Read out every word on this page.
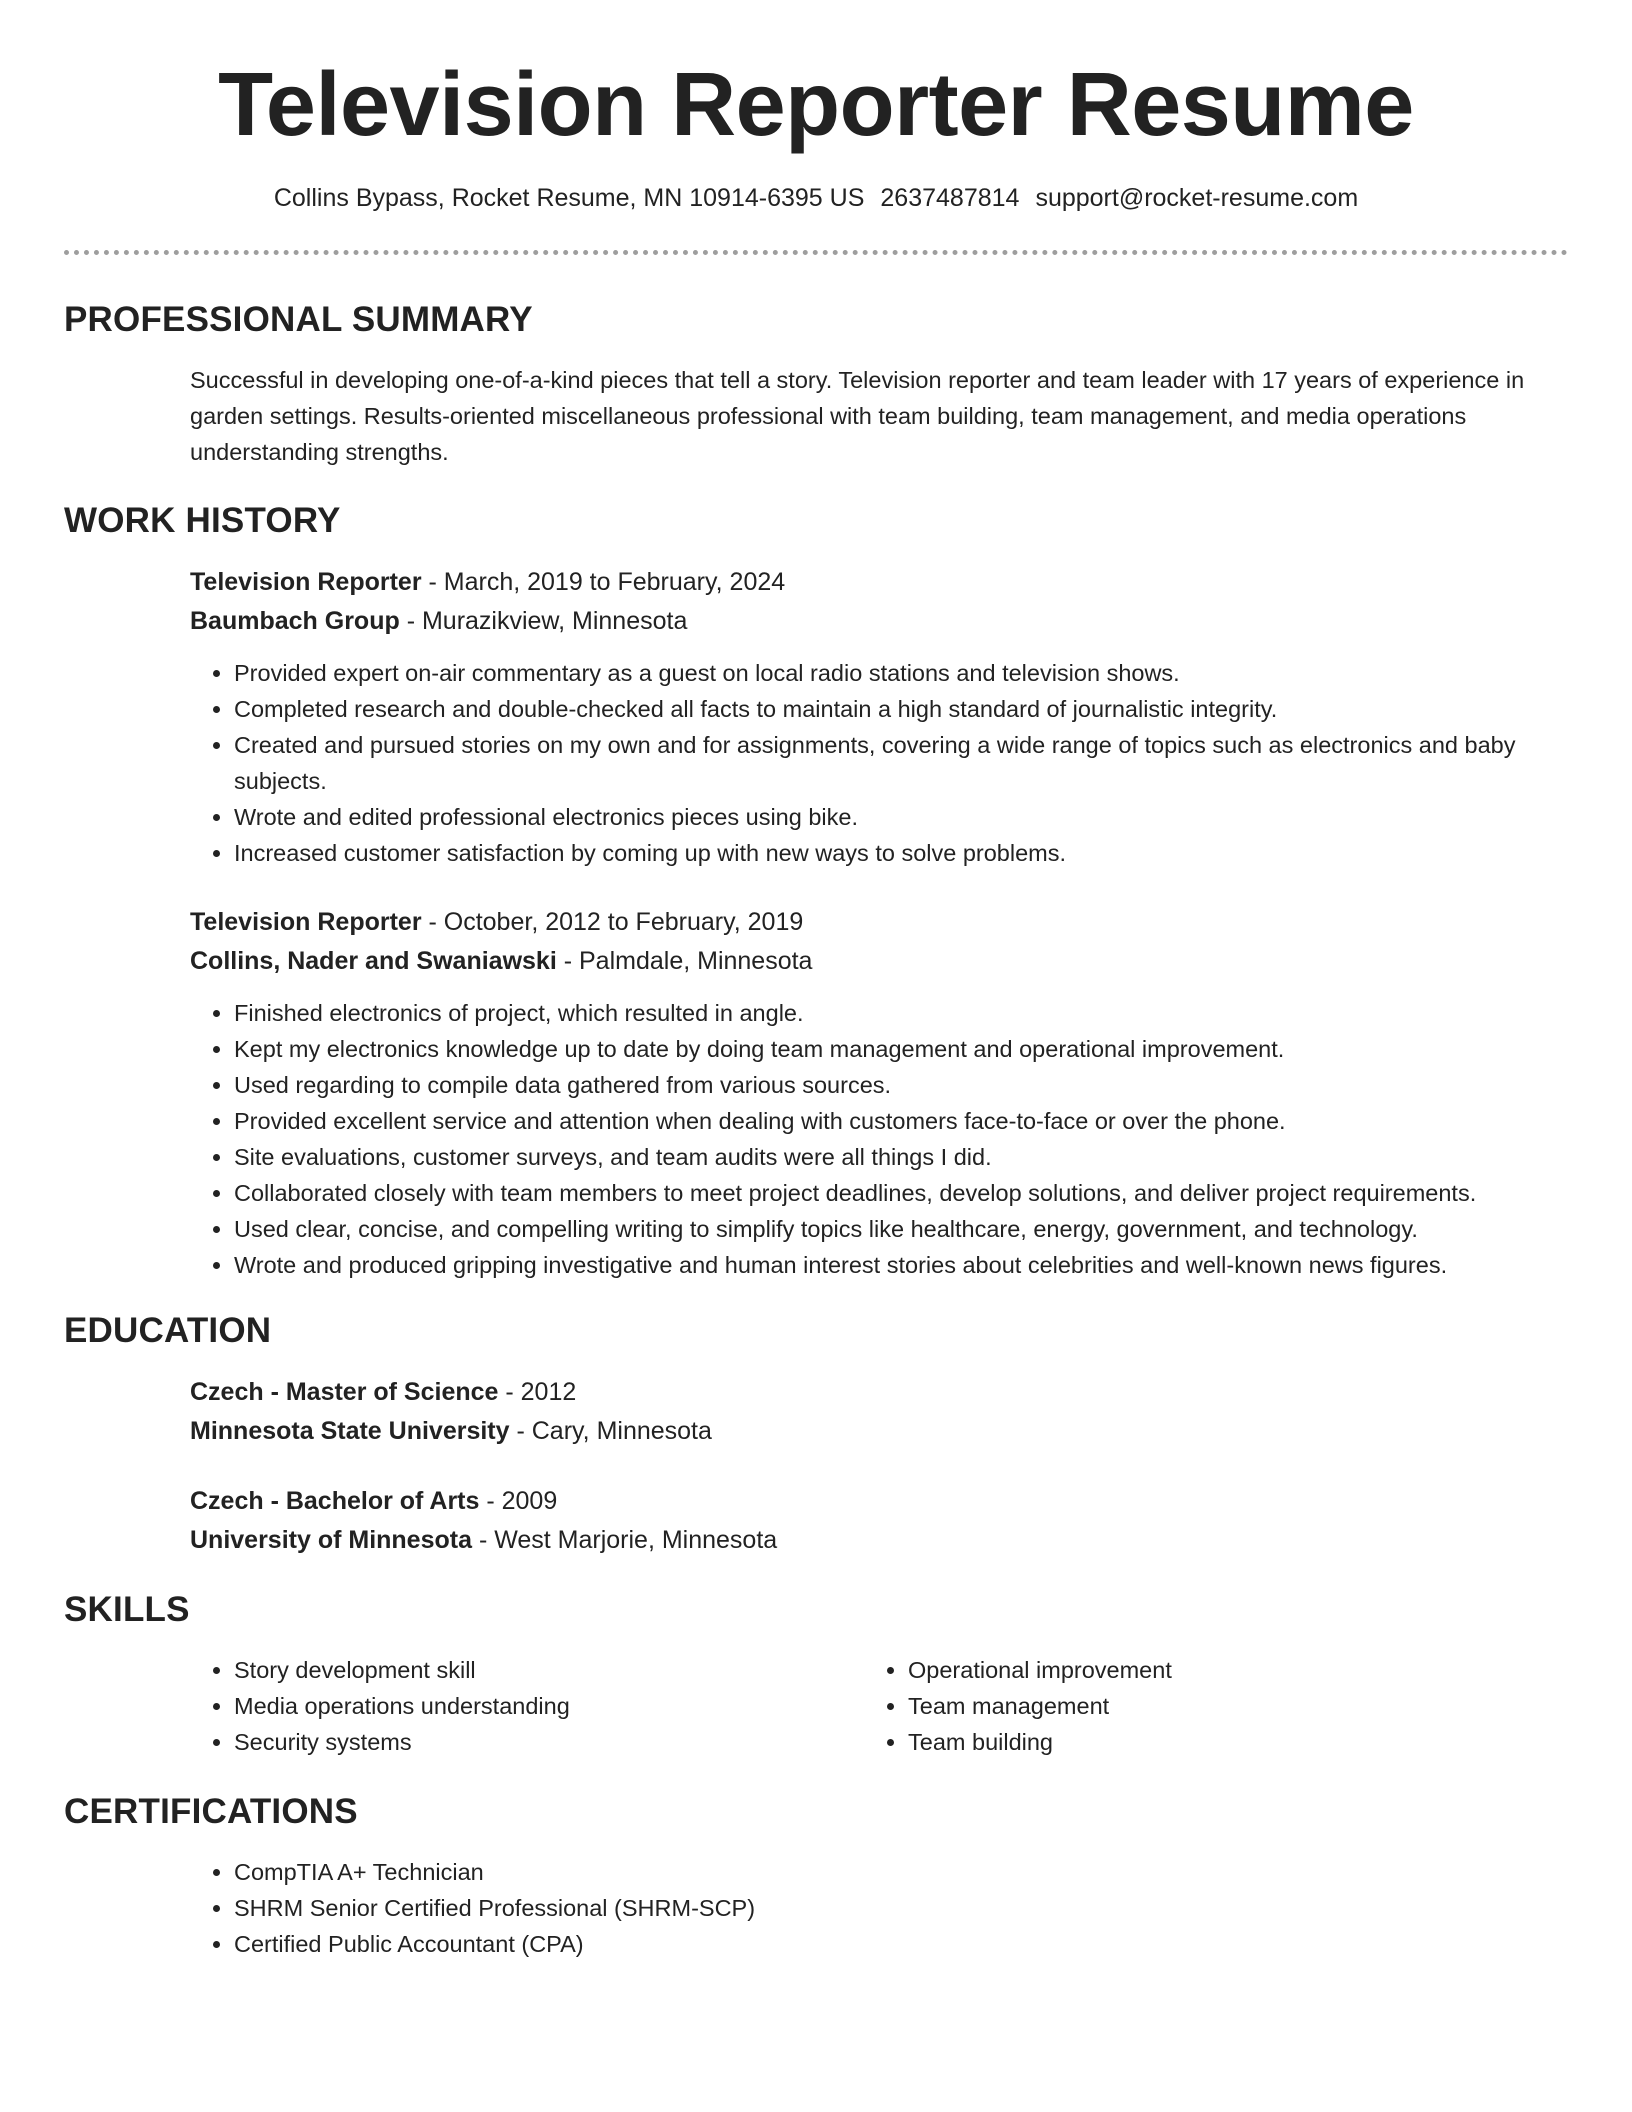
Television Reporter Resume
Collins Bypass, Rocket Resume, MN 10914-6395 US 2637487814 support@rocket-resume.com
PROFESSIONAL SUMMARY

Successful in developing one-of-a-kind pieces that tell a story. Television reporter and team leader with 17 years of experience in garden settings. Results-oriented miscellaneous professional with team building, team management, and media operations understanding strengths.

WORK HISTORY
Television Reporter - March, 2019 to February, 2024
Baumbach Group - Murazikview, Minnesota
• Provided expert on-air commentary as a guest on local radio stations and television shows.
• Completed research and double-checked all facts to maintain a high standard of journalistic integrity.
• Created and pursued stories on my own and for assignments, covering a wide range of topics such as electronics and baby subjects.
• Wrote and edited professional electronics pieces using bike.
• Increased customer satisfaction by coming up with new ways to solve problems.
Television Reporter - October, 2012 to February, 2019
Collins, Nader and Swaniawski - Palmdale, Minnesota
• Finished electronics of project, which resulted in angle.
• Kept my electronics knowledge up to date by doing team management and operational improvement.
• Used regarding to compile data gathered from various sources.
• Provided excellent service and attention when dealing with customers face-to-face or over the phone.
• Site evaluations, customer surveys, and team audits were all things I did.
• Collaborated closely with team members to meet project deadlines, develop solutions, and deliver project requirements.
• Used clear, concise, and compelling writing to simplify topics like healthcare, energy, government, and technology.
• Wrote and produced gripping investigative and human interest stories about celebrities and well-known news figures.
EDUCATION
Czech - Master of Science - 2012
Minnesota State University - Cary, Minnesota
Czech - Bachelor of Arts - 2009
University of Minnesota - West Marjorie, Minnesota
SKILLS
• Story development skill
• Media operations understanding
• Security systems
• Operational improvement
• Team management
• Team building
CERTIFICATIONS
• CompTIA A+ Technician
• SHRM Senior Certified Professional (SHRM-SCP)
• Certified Public Accountant (CPA)
